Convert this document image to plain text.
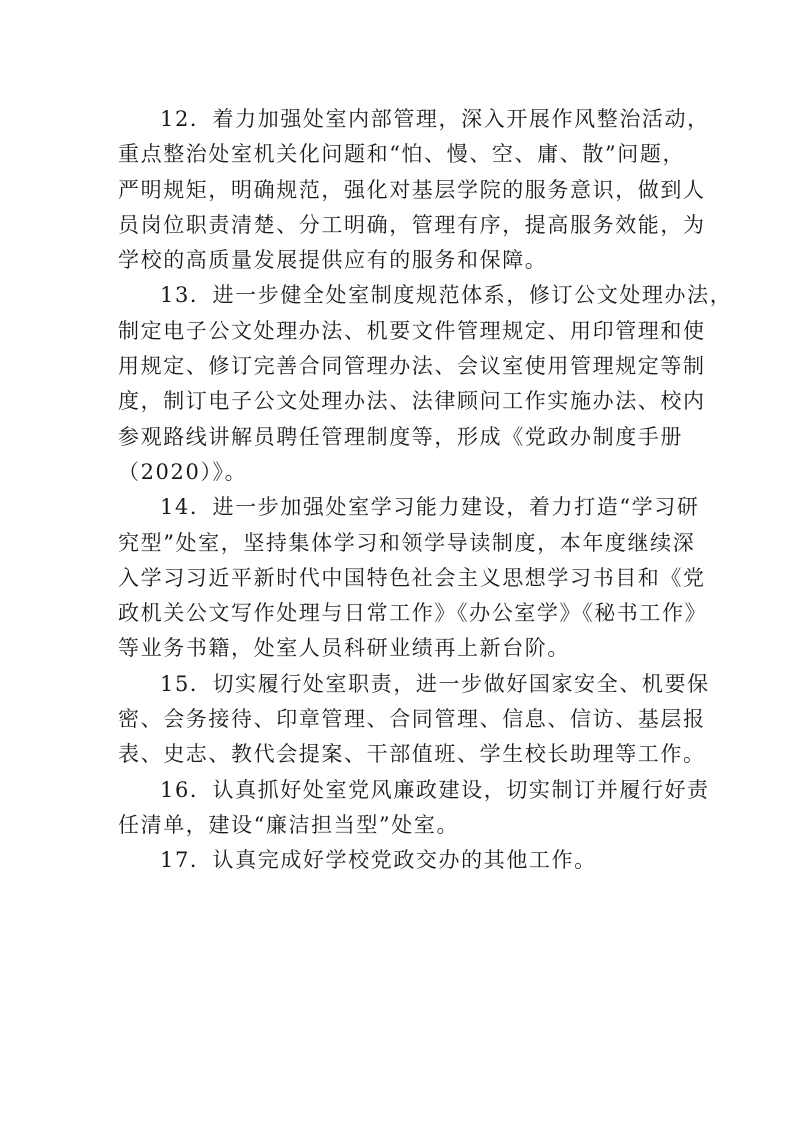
12．着力加强处室内部管理，深入开展作风整治活动，
重点整治处室机关化问题和“怕、慢、空、庸、散”问题，
严明规矩，明确规范，强化对基层学院的服务意识，做到人
员岗位职责清楚、分工明确，管理有序，提高服务效能，为
学校的高质量发展提供应有的服务和保障。

13．进一步健全处室制度规范体系，修订公文处理办法，
制定电子公文处理办法、机要文件管理规定、用印管理和使
用规定、修订完善合同管理办法、会议室使用管理规定等制
度，制订电子公文处理办法、法律顾问工作实施办法、校内
参观路线讲解员聘任管理制度等，形成《党政办制度手册
（2020）》。

14．进一步加强处室学习能力建设，着力打造“学习研
究型”处室，坚持集体学习和领学导读制度，本年度继续深
入学习习近平新时代中国特色社会主义思想学习书目和《党
政机关公文写作处理与日常工作》《办公室学》《秘书工作》
等业务书籍，处室人员科研业绩再上新台阶。

15．切实履行处室职责，进一步做好国家安全、机要保
密、会务接待、印章管理、合同管理、信息、信访、基层报
表、史志、教代会提案、干部值班、学生校长助理等工作。

16．认真抓好处室党风廉政建设，切实制订并履行好责
任清单，建设“廉洁担当型”处室。

17．认真完成好学校党政交办的其他工作。
